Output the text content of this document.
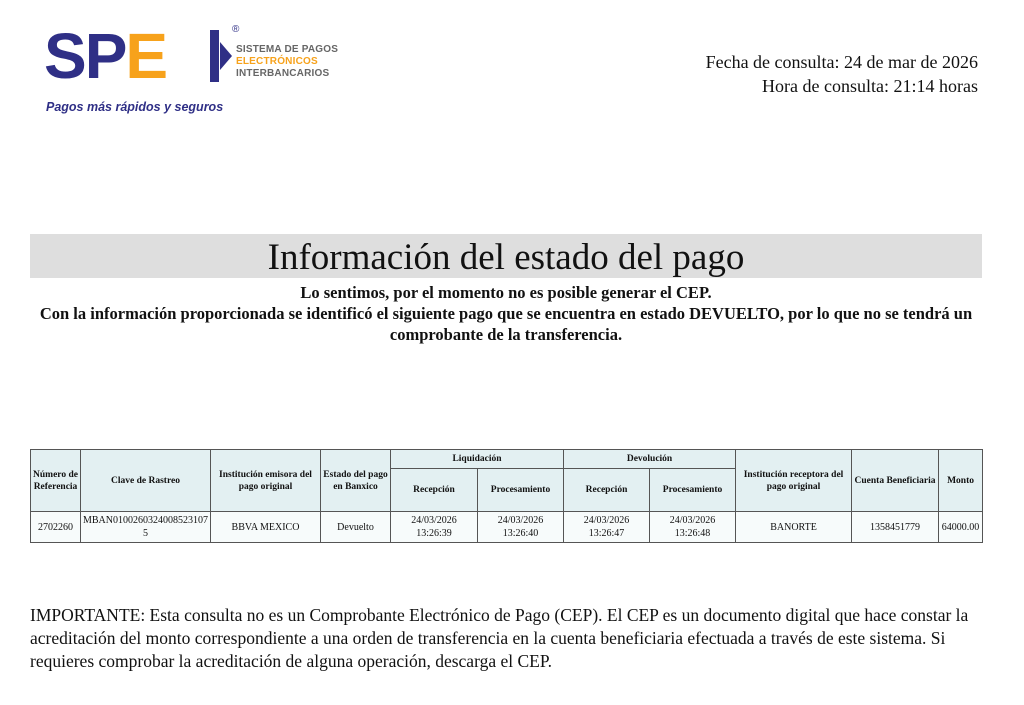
SPE	®
SISTEMA DE PAGOS
ELECTRÓNICOS
INTERBANCARIOS
Pagos más rápidos y seguros
Fecha de consulta: 24 de mar de 2026
Hora de consulta: 21:14 horas
Información del estado del pago
Lo sentimos, por el momento no es posible generar el CEP.
Con la información proporcionada se identificó el siguiente pago que se encuentra en estado DEVUELTO, por lo que no se tendrá un comprobante de la transferencia.
Número de Referencia	Clave de Rastreo	Institución emisora del pago original	Estado del pago en Banxico	Liquidación		Devolución		Institución receptora del pago original	Cuenta Beneficiaria	Monto
				Recepción	Procesamiento	Recepción	Procesamiento			
2702260	MBAN01002603240085231075	BBVA MEXICO	Devuelto	24/03/2026 13:26:39	24/03/2026 13:26:40	24/03/2026 13:26:47	24/03/2026 13:26:48	BANORTE	1358451779	64000.00
IMPORTANTE: Esta consulta no es un Comprobante Electrónico de Pago (CEP). El CEP es un documento digital que hace constar la acreditación del monto correspondiente a una orden de transferencia en la cuenta beneficiaria efectuada a través de este sistema. Si requieres comprobar la acreditación de alguna operación, descarga el CEP.
